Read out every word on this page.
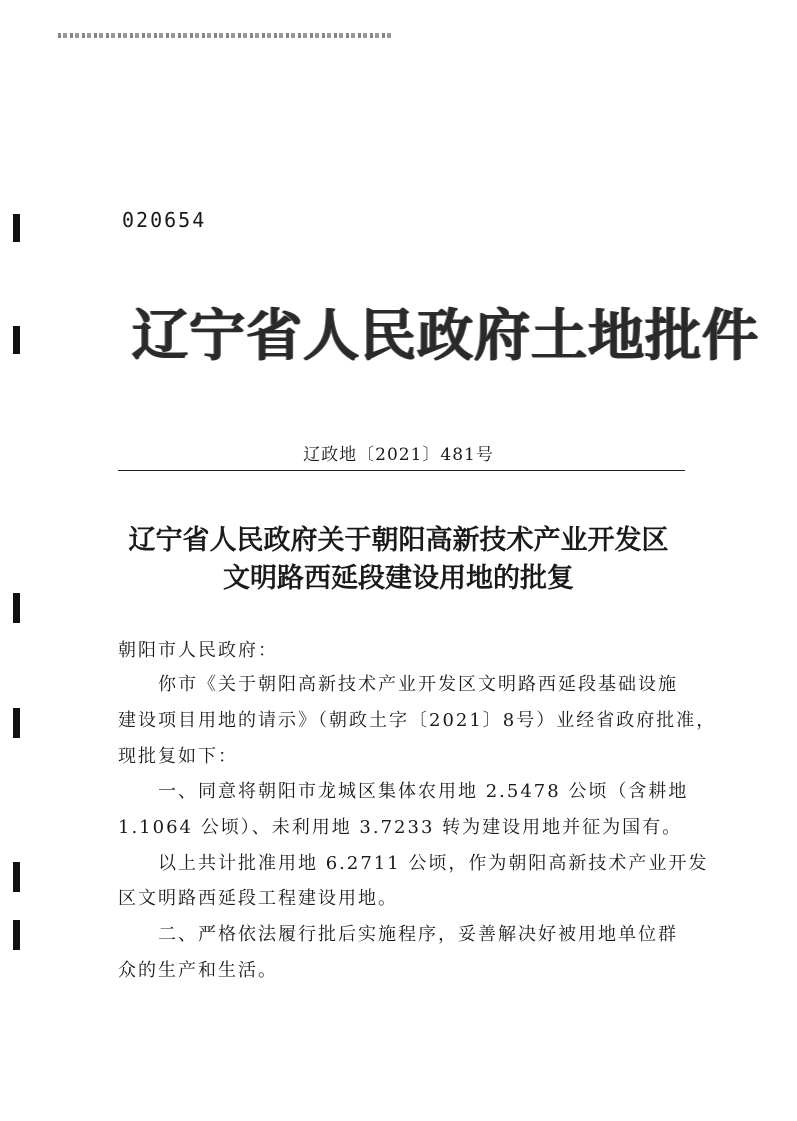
020654
辽宁省人民政府土地批件
辽政地〔2021〕481号
辽宁省人民政府关于朝阳高新技术产业开发区
文明路西延段建设用地的批复
朝阳市人民政府：
你市《关于朝阳高新技术产业开发区文明路西延段基础设施
建设项目用地的请示》（朝政土字〔2021〕8号）业经省政府批准，
现批复如下：
一、同意将朝阳市龙城区集体农用地 2.5478 公顷（含耕地
1.1064 公顷）、未利用地 3.7233 转为建设用地并征为国有。
以上共计批准用地 6.2711 公顷，作为朝阳高新技术产业开发
区文明路西延段工程建设用地。
二、严格依法履行批后实施程序，妥善解决好被用地单位群
众的生产和生活。
